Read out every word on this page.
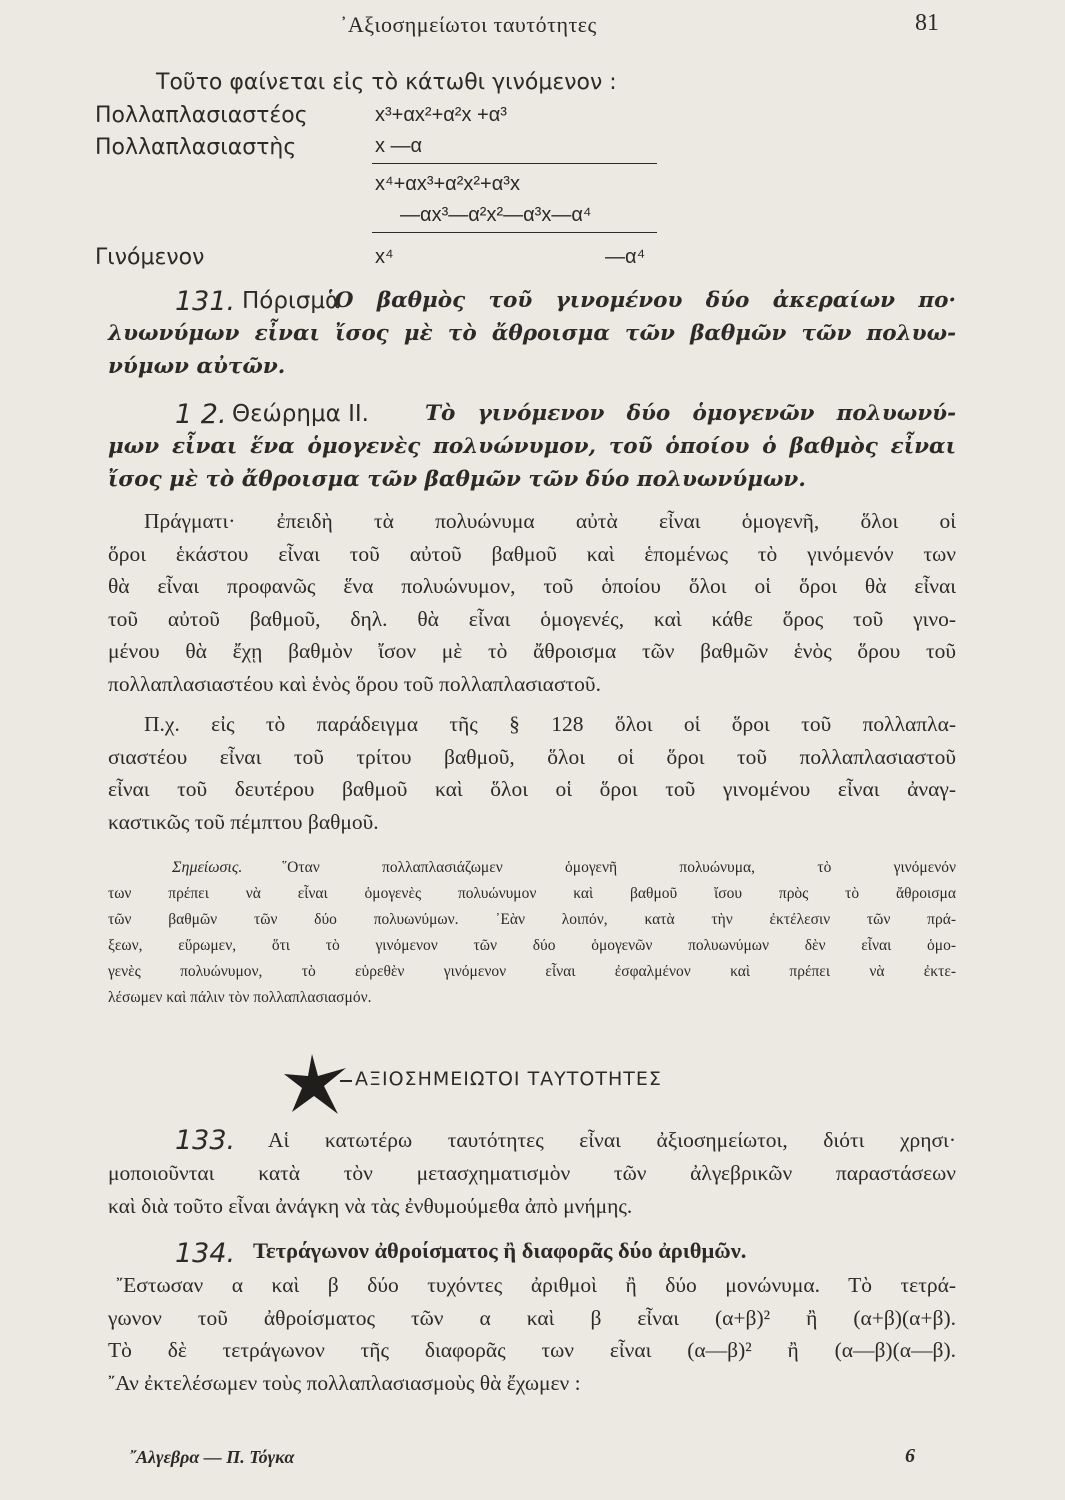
᾿Αξιοσημείωτοι ταυτότητες	81
Τοῦτο φαίνεται εἰς τὸ κάτωθι γινόμενον :
Πολλαπλασιαστέος	x³+αx²+α²x +α³
Πολλαπλασιαστὴς	x —α
x⁴+αx³+α²x²+α³x
—αx³—α²x²—α³x—α⁴
Γινόμενον	x⁴	—α⁴
131. Πόρισμα
῾Ο βαθμὸς τοῦ γινομένου δύο ἀκεραίων πο·
λυωνύμων εἶναι ἴσος μὲ τὸ ἄθροισμα τῶν βαθμῶν τῶν πολυω-
νύμων αὐτῶν.
1 2. Θεώρημα II.	Τὸ γινόμενον δύο ὁμογενῶν πολυωνύ-
μων εἶναι ἕνα ὁμογενὲς πολυώνυμον, τοῦ ὁποίου ὁ βαθμὸς εἶναι
ἴσος μὲ τὸ ἄθροισμα τῶν βαθμῶν τῶν δύο πολυωνύμων.
Πράγματι· ἐπειδὴ τὰ πολυώνυμα αὐτὰ εἶναι ὁμογενῆ, ὅλοι οἱ
ὅροι ἑκάστου εἶναι τοῦ αὐτοῦ βαθμοῦ καὶ ἑπομένως τὸ γινόμενόν των
θὰ εἶναι προφανῶς ἕνα πολυώνυμον, τοῦ ὁποίου ὅλοι οἱ ὅροι θὰ εἶναι
τοῦ αὐτοῦ βαθμοῦ, δηλ. θὰ εἶναι ὁμογενές, καὶ κάθε ὅρος τοῦ γινο-
μένου θὰ ἔχῃ βαθμὸν ἴσον μὲ τὸ ἄθροισμα τῶν βαθμῶν ἑνὸς ὅρου τοῦ
πολλαπλασιαστέου καὶ ἑνὸς ὅρου τοῦ πολλαπλασιαστοῦ.
Π.χ. εἰς τὸ παράδειγμα τῆς § 128 ὅλοι οἱ ὅροι τοῦ πολλαπλα-
σιαστέου εἶναι τοῦ τρίτου βαθμοῦ, ὅλοι οἱ ὅροι τοῦ πολλαπλασιαστοῦ
εἶναι τοῦ δευτέρου βαθμοῦ καὶ ὅλοι οἱ ὅροι τοῦ γινομένου εἶναι ἀναγ-
καστικῶς τοῦ πέμπτου βαθμοῦ.
Σημείωσις.	῞Οταν πολλαπλασιάζωμεν ὁμογενῆ πολυώνυμα, τὸ γινόμενόν
των πρέπει νὰ εἶναι ὁμογενὲς πολυώνυμον καὶ βαθμοῦ ἴσου πρὸς τὸ ἄθροισμα
τῶν βαθμῶν τῶν δύο πολυωνύμων. ᾿Εὰν λοιπόν, κατὰ τὴν ἐκτέλεσιν τῶν πρά-
ξεων, εὕρωμεν, ὅτι τὸ γινόμενον τῶν δύο ὁμογενῶν πολυωνύμων δὲν εἶναι ὁμο-
γενὲς πολυώνυμον, τὸ εὑρεθὲν γινόμενον εἶναι ἐσφαλμένον καὶ πρέπει νὰ ἐκτε-
λέσωμεν καὶ πάλιν τὸν πολλαπλασιασμόν.
ΑΞΙΟΣΗΜΕΙΩΤΟΙ ΤΑΥΤΟΤΗΤΕΣ
133. Αἱ κατωτέρω ταυτότητες εἶναι ἀξιοσημείωτοι, διότι χρησι·
μοποιοῦνται κατὰ τὸν μετασχηματισμὸν τῶν ἀλγεβρικῶν παραστάσεων
καὶ διὰ τοῦτο εἶναι ἀνάγκη νὰ τὰς ἐνθυμούμεθα ἀπὸ μνήμης.
134. Τετράγωνον ἀθροίσματος ἢ διαφορᾶς δύο ἀριθμῶν.
῎Εστωσαν α καὶ β δύο τυχόντες ἀριθμοὶ ἢ δύο μονώνυμα. Τὸ τετρά-
γωνον τοῦ ἀθροίσματος τῶν α καὶ β εἶναι (α+β)² ἢ (α+β)(α+β).
Τὸ δὲ τετράγωνον τῆς διαφορᾶς των εἶναι (α—β)² ἢ (α—β)(α—β).
῎Αν ἐκτελέσωμεν τοὺς πολλαπλασιασμοὺς θὰ ἔχωμεν :
῎Αλγεβρα — Π. Τόγκα	6
